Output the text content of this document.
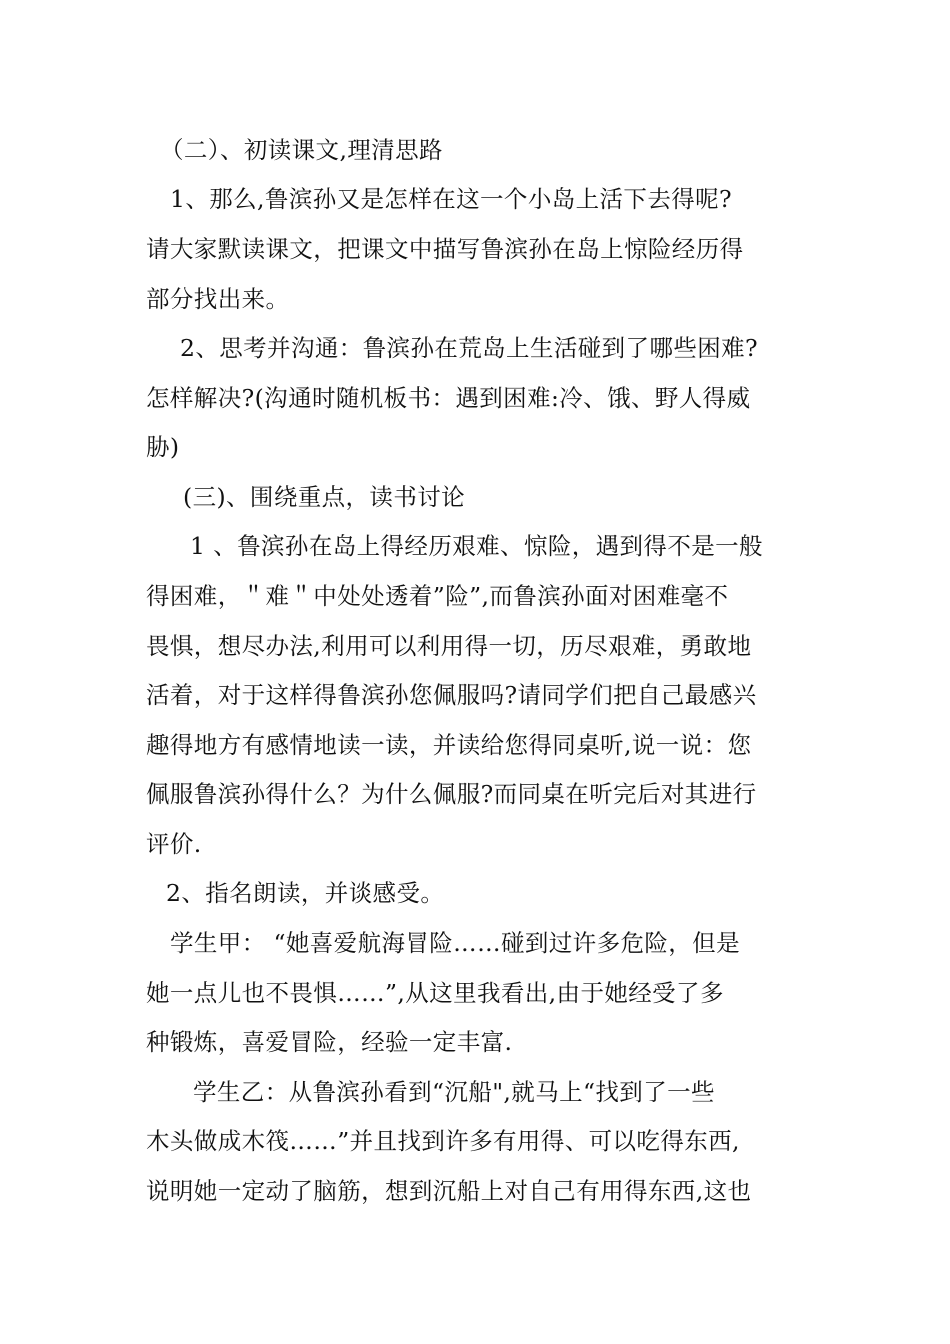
（二）、初读课文,理清思路
1、那么,鲁滨孙又是怎样在这一个小岛上活下去得呢?
请大家默读课文，把课文中描写鲁滨孙在岛上惊险经历得
部分找出来。
2、思考并沟通：鲁滨孙在荒岛上生活碰到了哪些困难?
怎样解决?(沟通时随机板书：遇到困难:冷、饿、野人得威
胁)
(三)、围绕重点，读书讨论
1 、鲁滨孙在岛上得经历艰难、惊险，遇到得不是一般
得困难，＂难＂中处处透着”险”,而鲁滨孙面对困难毫不
畏惧，想尽办法,利用可以利用得一切，历尽艰难，勇敢地
活着，对于这样得鲁滨孙您佩服吗?请同学们把自己最感兴
趣得地方有感情地读一读，并读给您得同桌听,说一说：您
佩服鲁滨孙得什么？为什么佩服?而同桌在听完后对其进行
评价.
2、指名朗读，并谈感受。
学生甲： “她喜爱航海冒险……碰到过许多危险，但是
她一点儿也不畏惧……”,从这里我看出,由于她经受了多
种锻炼，喜爱冒险，经验一定丰富.
学生乙：从鲁滨孙看到“沉船",就马上“找到了一些
木头做成木筏……”并且找到许多有用得、可以吃得东西,
说明她一定动了脑筋，想到沉船上对自己有用得东西,这也
